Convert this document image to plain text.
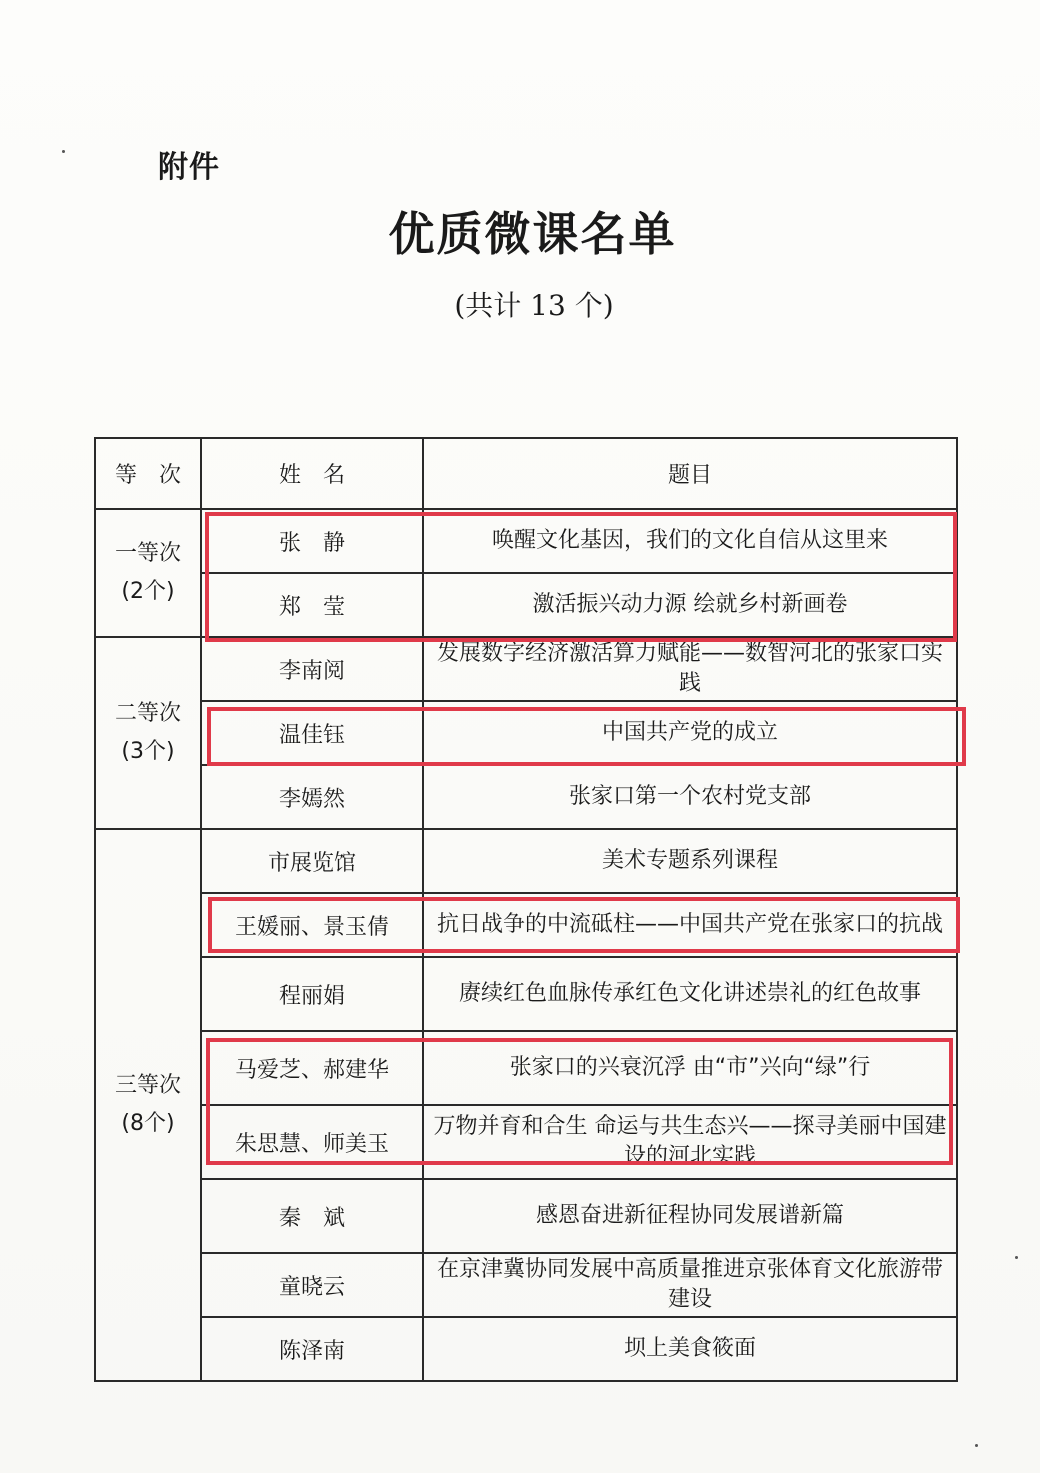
附件
优质微课名单
(共计 13 个)
等　次	姓　名	题目

一等次
(2个)	张　静	唤醒文化基因，我们的文化自信从这里来
	郑　莹	激活振兴动力源 绘就乡村新画卷

二等次
(3个)	李南阅	发展数字经济激活算力赋能——数智河北的张家口实践
	温佳钰	中国共产党的成立
	李嫣然	张家口第一个农村党支部

三等次
(8个)	市展览馆	美术专题系列课程
	王媛丽、景玉倩	抗日战争的中流砥柱——中国共产党在张家口的抗战
	程丽娟	赓续红色血脉传承红色文化讲述崇礼的红色故事
	马爱芝、郝建华	张家口的兴衰沉浮 由“市”兴向“绿”行
	朱思慧、师美玉	万物并育和合生 命运与共生态兴——探寻美丽中国建设的河北实践
	秦　斌	感恩奋进新征程协同发展谱新篇
	童晓云	在京津冀协同发展中高质量推进京张体育文化旅游带建设
	陈泽南	坝上美食筱面
